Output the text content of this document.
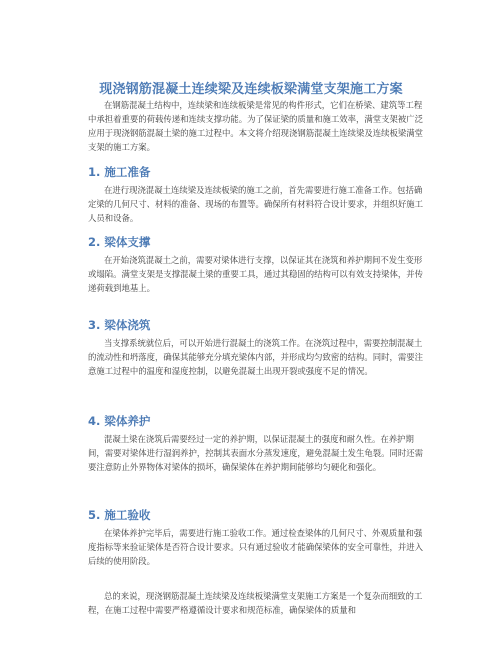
现浇钢筋混凝土连续梁及连续板梁满堂支架施工方案

在钢筋混凝土结构中，连续梁和连续板梁是常见的构件形式，它们在桥梁、建筑等工程中承担着重要的荷载传递和连续支撑功能。为了保证梁的质量和施工效率，满堂支架被广泛应用于现浇钢筋混凝土梁的施工过程中。本文将介绍现浇钢筋混凝土连续梁及连续板梁满堂支架的施工方案。

1. 施工准备

在进行现浇混凝土连续梁及连续板梁的施工之前，首先需要进行施工准备工作。包括确定梁的几何尺寸、材料的准备、现场的布置等。确保所有材料符合设计要求，并组织好施工人员和设备。

2. 梁体支撑

在开始浇筑混凝土之前，需要对梁体进行支撑，以保证其在浇筑和养护期间不发生变形或塌陷。满堂支架是支撑混凝土梁的重要工具，通过其稳固的结构可以有效支持梁体，并传递荷载到地基上。

3. 梁体浇筑

当支撑系统就位后，可以开始进行混凝土的浇筑工作。在浇筑过程中，需要控制混凝土的流动性和坍落度，确保其能够充分填充梁体内部，并形成均匀致密的结构。同时，需要注意施工过程中的温度和湿度控制，以避免混凝土出现开裂或强度不足的情况。

4. 梁体养护

混凝土梁在浇筑后需要经过一定的养护期，以保证混凝土的强度和耐久性。在养护期间，需要对梁体进行湿润养护，控制其表面水分蒸发速度，避免混凝土发生龟裂。同时还需要注意防止外界物体对梁体的损坏，确保梁体在养护期间能够均匀硬化和强化。

5. 施工验收

在梁体养护完毕后，需要进行施工验收工作。通过检查梁体的几何尺寸、外观质量和强度指标等来验证梁体是否符合设计要求。只有通过验收才能确保梁体的安全可靠性，并进入后续的使用阶段。

总的来说，现浇钢筋混凝土连续梁及连续板梁满堂支架施工方案是一个复杂而细致的工程，在施工过程中需要严格遵循设计要求和规范标准，确保梁体的质量和
